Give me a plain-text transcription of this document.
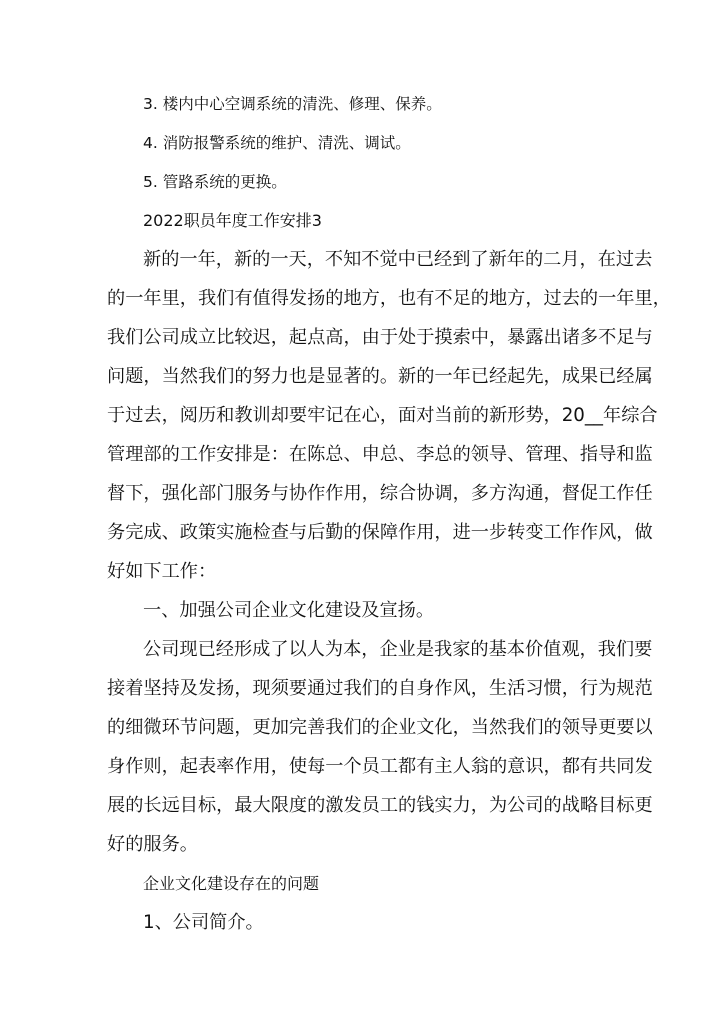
3. 楼内中心空调系统的清洗、修理、保养。
4. 消防报警系统的维护、清洗、调试。
5. 管路系统的更换。
2022职员年度工作安排3
新的一年，新的一天，不知不觉中已经到了新年的二月，在过去
的一年里，我们有值得发扬的地方，也有不足的地方，过去的一年里，
我们公司成立比较迟，起点高，由于处于摸索中，暴露出诸多不足与
问题，当然我们的努力也是显著的。新的一年已经起先，成果已经属
于过去，阅历和教训却要牢记在心，面对当前的新形势，20__年综合
管理部的工作安排是：在陈总、申总、李总的领导、管理、指导和监
督下，强化部门服务与协作作用，综合协调，多方沟通，督促工作任
务完成、政策实施检查与后勤的保障作用，进一步转变工作作风，做
好如下工作：
一、加强公司企业文化建设及宣扬。
公司现已经形成了以人为本，企业是我家的基本价值观，我们要
接着坚持及发扬，现须要通过我们的自身作风，生活习惯，行为规范
的细微环节问题，更加完善我们的企业文化，当然我们的领导更要以
身作则，起表率作用，使每一个员工都有主人翁的意识，都有共同发
展的长远目标，最大限度的激发员工的钱实力，为公司的战略目标更
好的服务。
企业文化建设存在的问题
1、公司简介。
